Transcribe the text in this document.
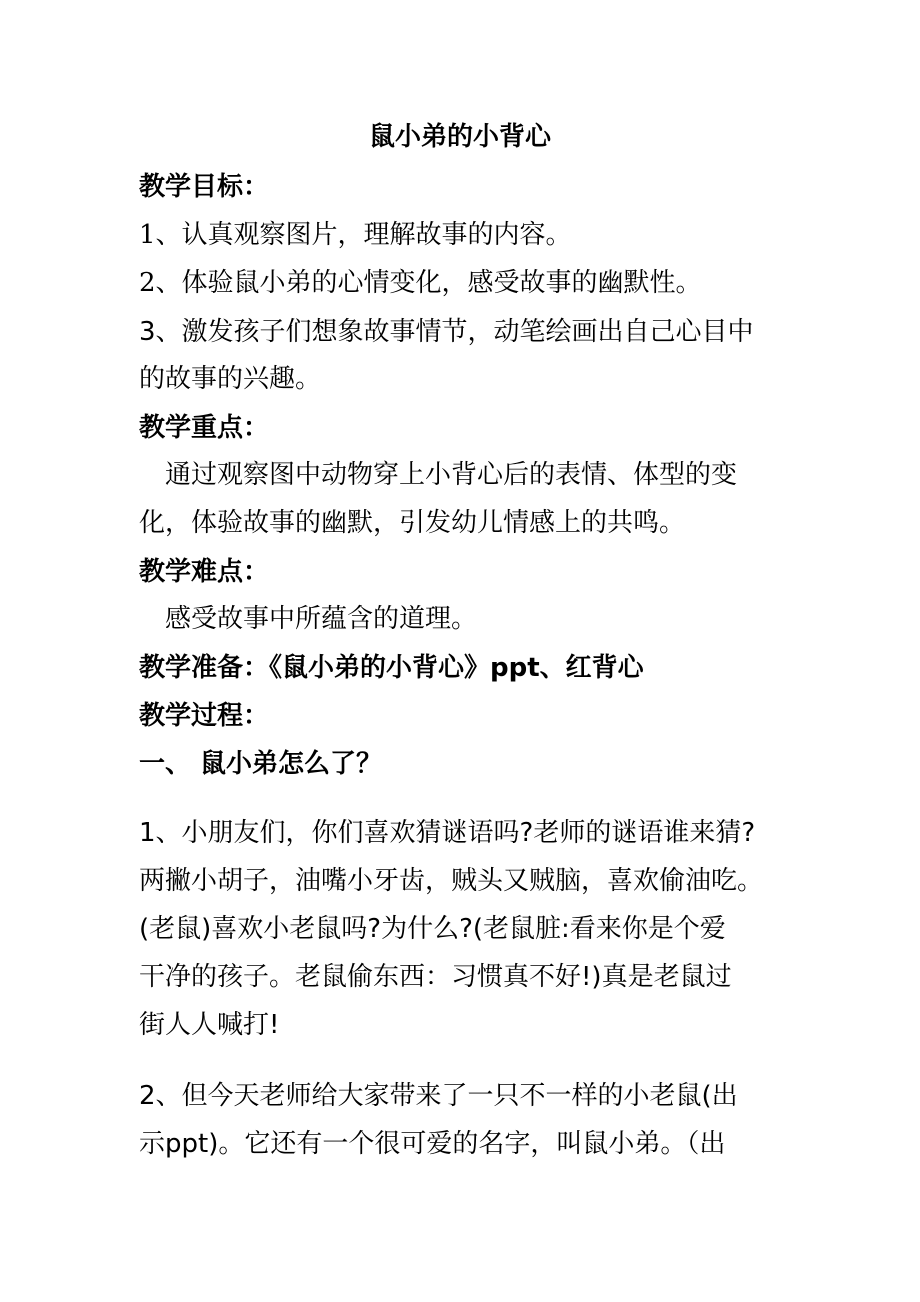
鼠小弟的小背心
教学目标：
1、认真观察图片，理解故事的内容。
2、体验鼠小弟的心情变化，感受故事的幽默性。
3、激发孩子们想象故事情节，动笔绘画出自己心目中
的故事的兴趣。
教学重点：
通过观察图中动物穿上小背心后的表情、体型的变
化，体验故事的幽默，引发幼儿情感上的共鸣。
教学难点：
感受故事中所蕴含的道理。
教学准备：《鼠小弟的小背心》ppt、红背心
教学过程：
一、 鼠小弟怎么了？
1、小朋友们，你们喜欢猜谜语吗?老师的谜语谁来猜?
两撇小胡子，油嘴小牙齿，贼头又贼脑，喜欢偷油吃。
(老鼠)喜欢小老鼠吗?为什么?(老鼠脏:看来你是个爱
干净的孩子。老鼠偷东西：习惯真不好!)真是老鼠过
街人人喊打!
2、但今天老师给大家带来了一只不一样的小老鼠(出
示ppt)。它还有一个很可爱的名字，叫鼠小弟。（出
